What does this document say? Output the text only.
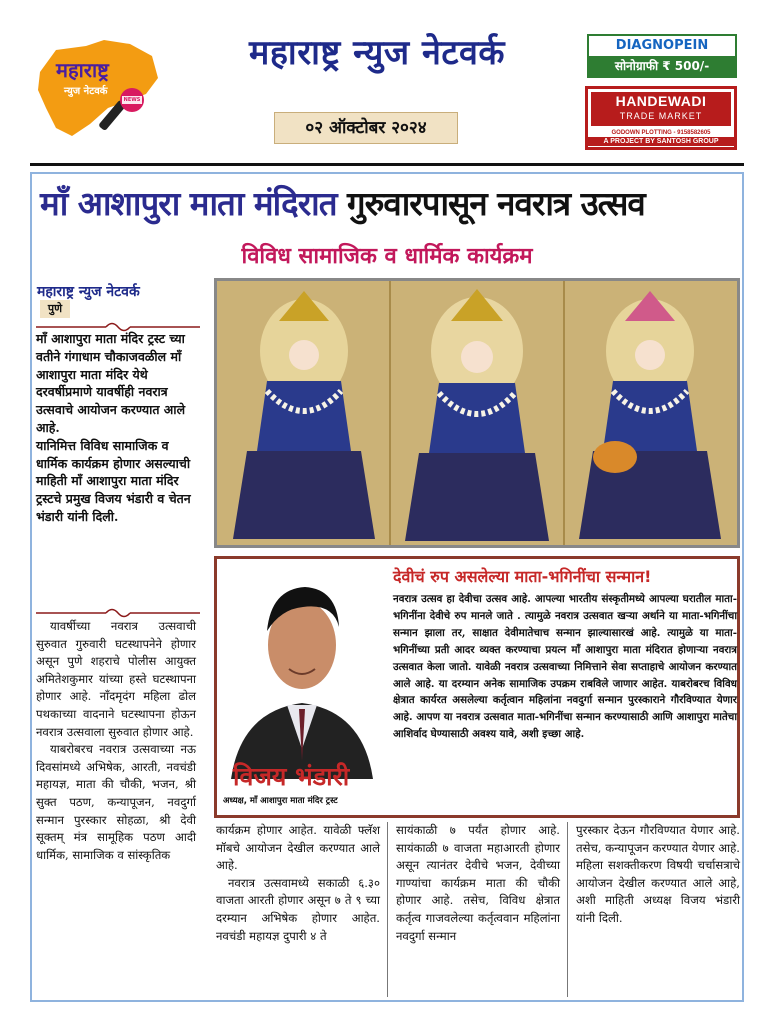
महाराष्ट्र
न्युज नेटवर्क
NEWS
महाराष्ट्र न्युज नेटवर्क
०२ ऑक्टोबर २०२४
DIAGNOPEIN
सोनोग्राफी ₹ 500/-
HANDEWADI
TRADE MARKET
GODOWN PLOTTING - 9158582605
A PROJECT BY SANTOSH GROUP
माँ आशापुरा माता मंदिरात गुरुवारपासून नवरात्र उत्सव
विविध सामाजिक व धार्मिक कार्यक्रम
महाराष्ट्र न्युज नेटवर्क
पुणे

माँ आशापुरा माता मंदिर ट्रस्ट च्या वतीने गंगाधाम चौकाजवळील माँ आशापुरा माता मंदिर येथे दरवर्षीप्रमाणे यावर्षीही नवरात्र उत्सवाचे आयोजन करण्यात आले आहे.

यानिमित्त विविध सामाजिक व धार्मिक कार्यक्रम होणार असल्याची माहिती माँ आशापुरा माता मंदिर ट्रस्टचे प्रमुख विजय भंडारी व चेतन भंडारी यांनी दिली.

यावर्षीच्या नवरात्र उत्सवाची सुरुवात गुरुवारी घटस्थापनेने होणार असून पुणे शहराचे पोलीस आयुक्त अमितेशकुमार यांच्या हस्ते घटस्थापना होणार आहे. नाँदमृदंग महिला ढोल पथकाच्या वादनाने घटस्थापना होऊन नवरात्र उत्सवाला सुरुवात होणार आहे.

याबरोबरच नवरात्र उत्सवाच्या नऊ दिवसांमध्ये अभिषेक, आरती, नवचंडी महायज्ञ, माता की चौकी, भजन, श्री सुक्त पठण, कन्यापूजन, नवदुर्गा सन्मान पुरस्कार सोहळा, श्री देवी सूक्तम् मंत्र सामूहिक पठण आदी धार्मिक, सामाजिक व सांस्कृतिक

विजय भंडारी
अध्यक्ष, माँ आशापुरा माता मंदिर ट्रस्ट
देवीचं रुप असलेल्या माता-भगिनींचा सन्मान!
नवरात्र उत्सव हा देवीचा उत्सव आहे. आपल्या भारतीय संस्कृतीमध्ये आपल्या घरातील माता-भगिनींना देवीचे रुप मानले जाते . त्यामुळे नवरात्र उत्सवात खऱ्या अर्थाने या माता-भगिनींचा सन्मान झाला तर, साक्षात देवीमातेचाच सन्मान झाल्यासारखं आहे. त्यामुळे या माता-भगिनींच्या प्रती आदर व्यक्त करण्याचा प्रयत्न माँ आशापुरा माता मंदिरात होणाऱ्या नवरात्र उत्सवात केला जातो. यावेळी नवरात्र उत्सवाच्या निमित्ताने सेवा सप्ताहाचे आयोजन करण्यात आले आहे. या दरम्यान अनेक सामाजिक उपक्रम राबविले जाणार आहेत. याबरोबरच विविध क्षेत्रात कार्यरत असलेल्या कर्तृत्वान महिलांना नवदुर्गा सन्मान पुरस्काराने गौरविण्यात येणार आहे. आपण या नवरात्र उत्सवात माता-भगिनींचा सन्मान करण्यासाठी आणि आशापुरा मातेचा आशिर्वाद घेण्यासाठी अवश्य यावे, अशी इच्छा आहे.

कार्यक्रम होणार आहेत. यावेळी फ्लॅश मॉबचे आयोजन देखील करण्यात आले आहे.

नवरात्र उत्सवामध्ये सकाळी ६.३० वाजता आरती होणार असून ७ ते ९ च्या दरम्यान अभिषेक होणार आहेत. नवचंडी महायज्ञ दुपारी ४ ते

सायंकाळी ७ पर्यंत होणार आहे. सायंकाळी ७ वाजता महाआरती होणार असून त्यानंतर देवीचे भजन, देवीच्या गाण्यांचा कार्यक्रम माता की चौकी होणार आहे. तसेच, विविध क्षेत्रात कर्तृत्व गाजवलेल्या कर्तृत्ववान महिलांना नवदुर्गा सन्मान

पुरस्कार देऊन गौरविण्यात येणार आहे. तसेच, कन्यापूजन करण्यात येणार आहे. महिला सशक्तीकरण विषयी चर्चासत्राचे आयोजन देखील करण्यात आले आहे, अशी माहिती अध्यक्ष विजय भंडारी यांनी दिली.
